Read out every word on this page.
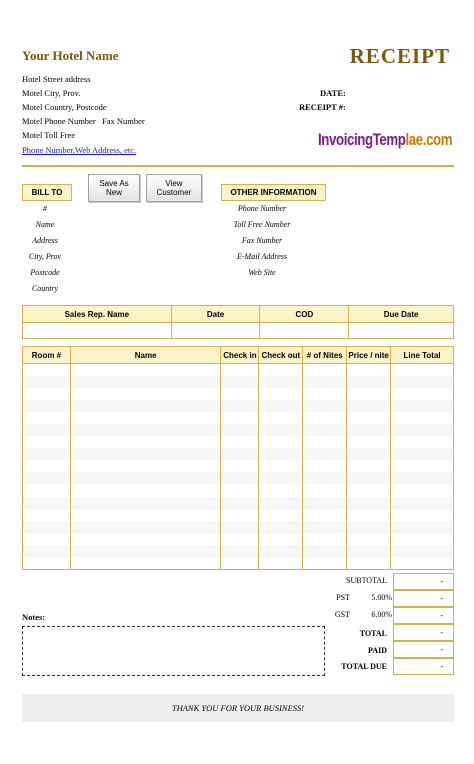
Your Hotel Name	RECEIPT
Hotel Street address
Motel City, Prov.
Motel Country, Postcode
Motel Phone Number   Fax Number
Motel Toll Free
Phone Number,Web Address, etc.
DATE:
RECEIPT #:
InvoicingTemplae.com
BILL TO
Save As
New
View
Customer
#
Name
Address
City, Prov
Postcode
Country
OTHER INFORMATION
Phone Number
Toll Free Number
Fax Number
E-Mail Address
Web Site
Sales Rep. Name	Date	COD	Due Date

Room #	Name	Check in	Check out	# of Nites	Price / nite	Line Total

SUBTOTAL	-
PST	5.00%	-
GST	6.00%	-
TOTAL	-
PAID	-
TOTAL DUE	-
Notes:
THANK YOU FOR YOUR BUSINESS!
